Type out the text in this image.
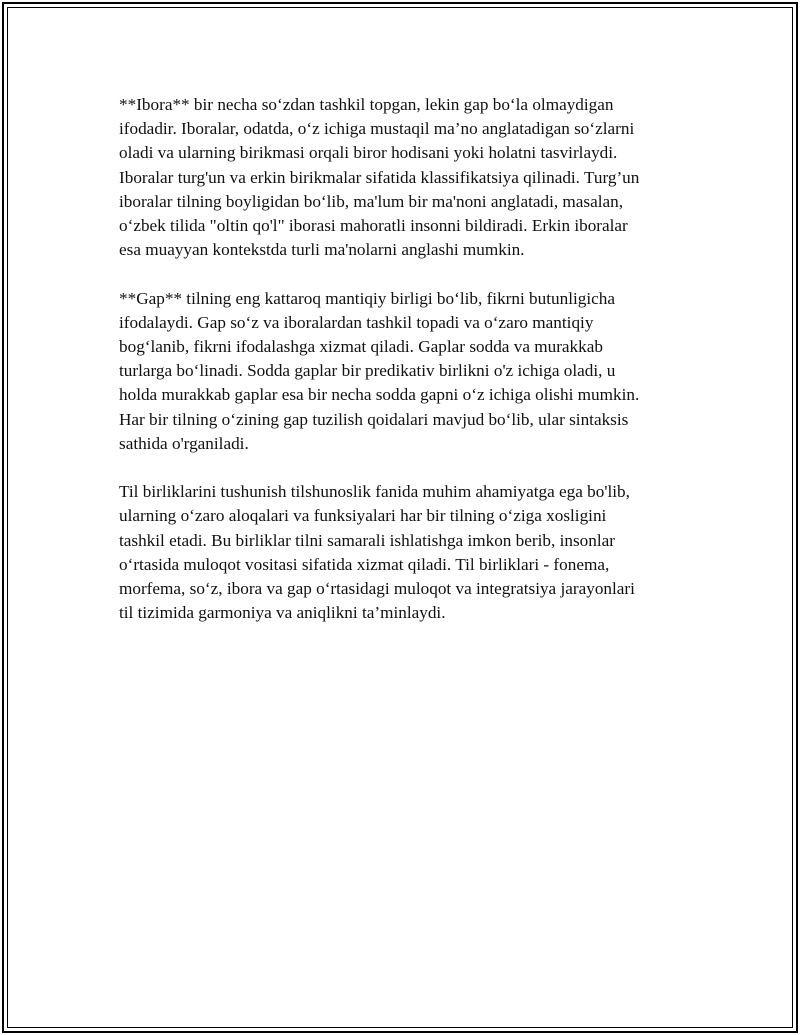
**Ibora** bir necha so‘zdan tashkil topgan, lekin gap bo‘la olmaydigan
ifodadir. Iboralar, odatda, o‘z ichiga mustaqil ma’no anglatadigan so‘zlarni
oladi va ularning birikmasi orqali biror hodisani yoki holatni tasvirlaydi.
Iboralar turg'un va erkin birikmalar sifatida klassifikatsiya qilinadi. Turg’un
iboralar tilning boyligidan bo‘lib, ma'lum bir ma'noni anglatadi, masalan,
o‘zbek tilida "oltin qo'l" iborasi mahoratli insonni bildiradi. Erkin iboralar
esa muayyan kontekstda turli ma'nolarni anglashi mumkin.

**Gap** tilning eng kattaroq mantiqiy birligi bo‘lib, fikrni butunligicha
ifodalaydi. Gap so‘z va iboralardan tashkil topadi va o‘zaro mantiqiy
bog‘lanib, fikrni ifodalashga xizmat qiladi. Gaplar sodda va murakkab
turlarga bo‘linadi. Sodda gaplar bir predikativ birlikni o'z ichiga oladi, u
holda murakkab gaplar esa bir necha sodda gapni o‘z ichiga olishi mumkin.
Har bir tilning o‘zining gap tuzilish qoidalari mavjud bo‘lib, ular sintaksis
sathida o'rganiladi.

Til birliklarini tushunish tilshunoslik fanida muhim ahamiyatga ega bo'lib,
ularning o‘zaro aloqalari va funksiyalari har bir tilning o‘ziga xosligini
tashkil etadi. Bu birliklar tilni samarali ishlatishga imkon berib, insonlar
o‘rtasida muloqot vositasi sifatida xizmat qiladi. Til birliklari - fonema,
morfema, so‘z, ibora va gap o‘rtasidagi muloqot va integratsiya jarayonlari
til tizimida garmoniya va aniqlikni ta’minlaydi.
